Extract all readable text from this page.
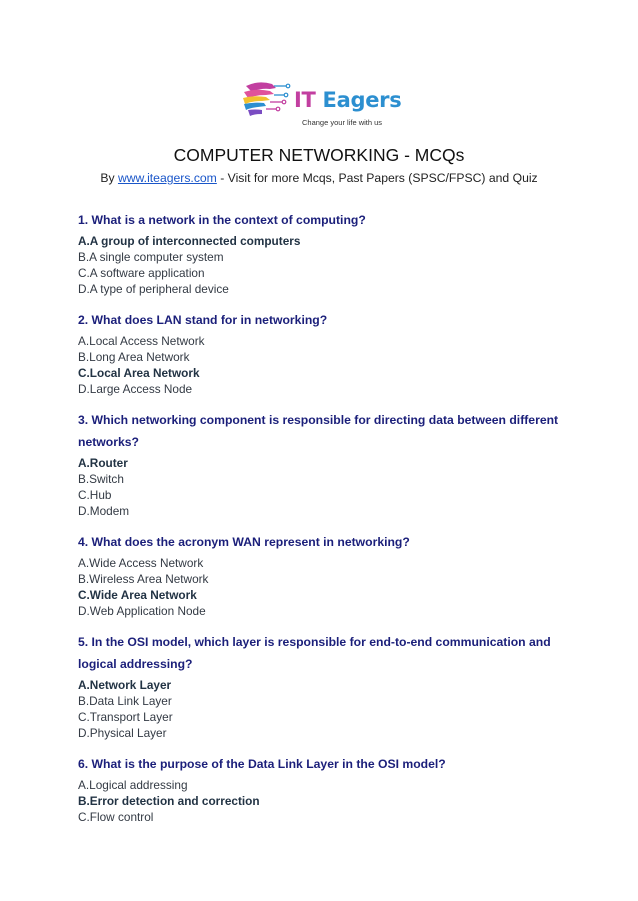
IT Eagers
Change your life with us
COMPUTER NETWORKING - MCQs
By www.iteagers.com - Visit for more Mcqs, Past Papers (SPSC/FPSC) and Quiz
1. What is a network in the context of computing?
A.A group of interconnected computers
B.A single computer system
C.A software application
D.A type of peripheral device
2. What does LAN stand for in networking?
A.Local Access Network
B.Long Area Network
C.Local Area Network
D.Large Access Node
3. Which networking component is responsible for directing data between different networks?
A.Router
B.Switch
C.Hub
D.Modem
4. What does the acronym WAN represent in networking?
A.Wide Access Network
B.Wireless Area Network
C.Wide Area Network
D.Web Application Node
5. In the OSI model, which layer is responsible for end-to-end communication and logical addressing?
A.Network Layer
B.Data Link Layer
C.Transport Layer
D.Physical Layer
6. What is the purpose of the Data Link Layer in the OSI model?
A.Logical addressing
B.Error detection and correction
C.Flow control
